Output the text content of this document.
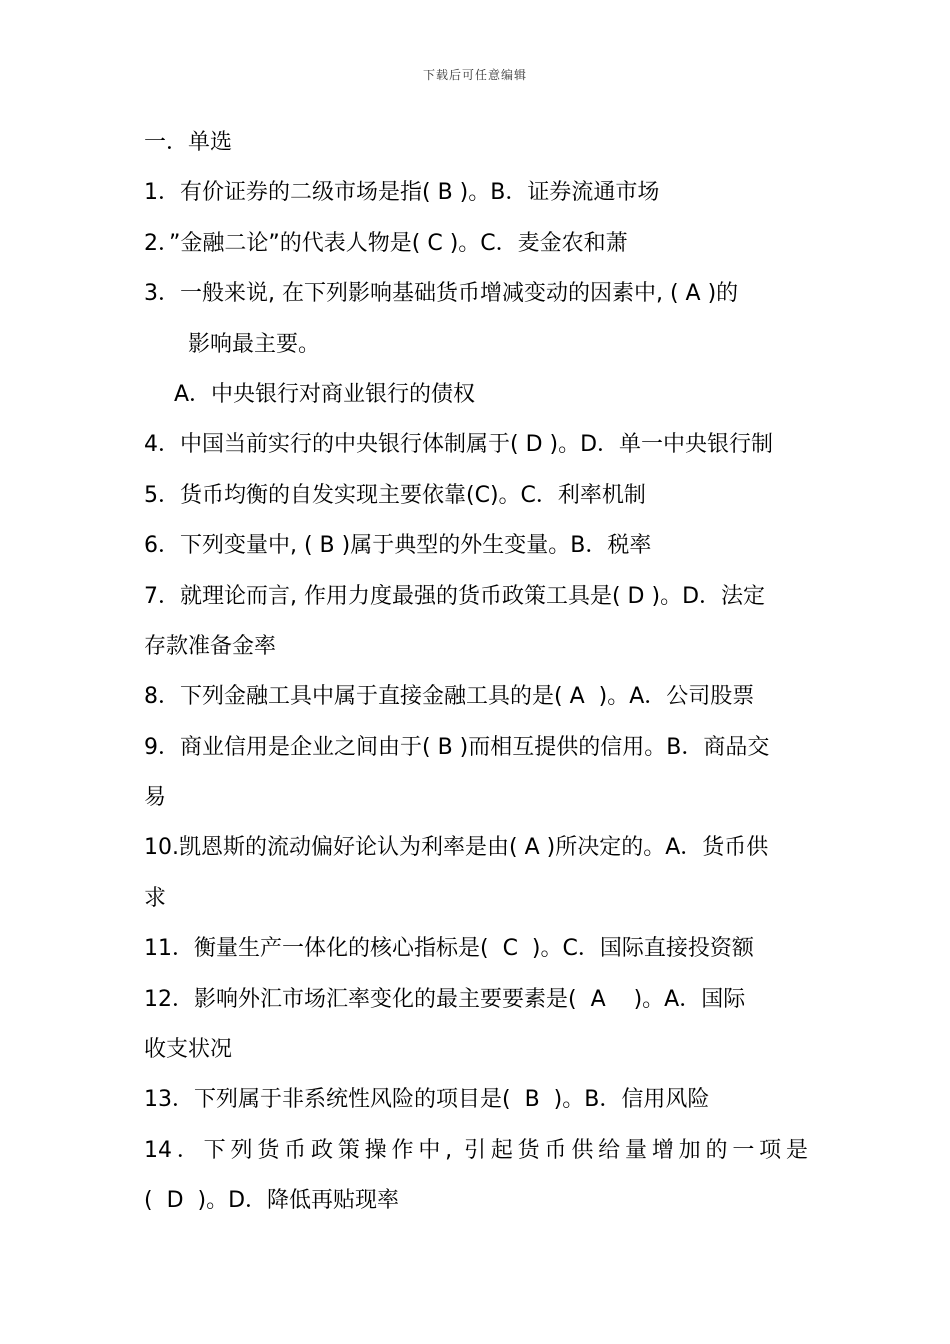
下载后可任意编辑
一．单选
1．有价证券的二级市场是指( B )。B．证券流通市场
2．”金融二论”的代表人物是( C )。C．麦金农和萧
3．一般来说, 在下列影响基础货币增减变动的因素中, ( A )的
影响最主要。
A．中央银行对商业银行的债权
4．中国当前实行的中央银行体制属于( D )。D．单一中央银行制
5．货币均衡的自发实现主要依靠(C)。C．利率机制
6．下列变量中, ( B )属于典型的外生变量。B．税率
7．就理论而言, 作用力度最强的货币政策工具是( D )。D．法定
存款准备金率
8．下列金融工具中属于直接金融工具的是( A  )。A．公司股票
9．商业信用是企业之间由于( B )而相互提供的信用。B．商品交
易
10.凯恩斯的流动偏好论认为利率是由( A )所决定的。A．货币供
求
11．衡量生产一体化的核心指标是(  C  )。C．国际直接投资额
12．影响外汇市场汇率变化的最主要要素是(  A    )。A．国际
收支状况
13．下列属于非系统性风险的项目是(  B  )。B．信用风险
14．下列货币政策操作中, 引起货币供给量增加的一项是
(  D  )。D．降低再贴现率
